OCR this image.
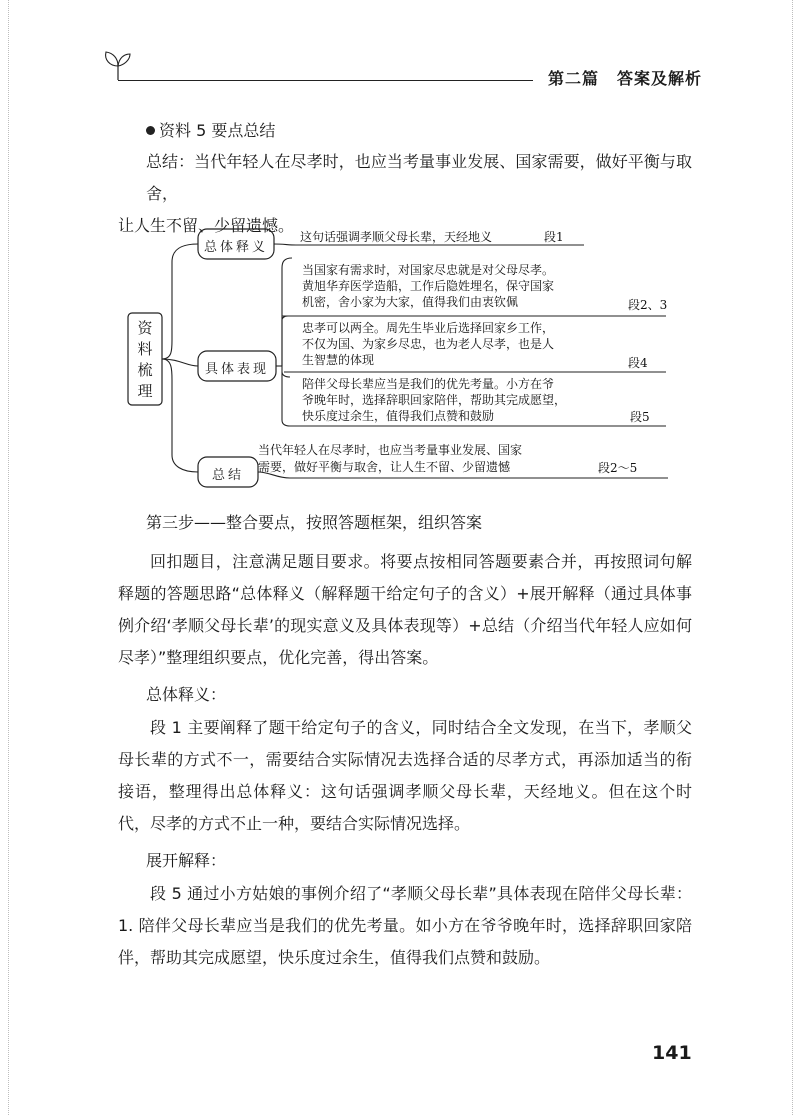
第二篇 答案及解析
资料 5 要点总结
总结：当代年轻人在尽孝时，也应当考量事业发展、国家需要，做好平衡与取舍，
让人生不留、少留遗憾。
资
料
梳
理
总体释义
具体表现
总结
这句话强调孝顺父母长辈，天经地义	段1
当国家有需求时，对国家尽忠就是对父母尽孝。
黄旭华弃医学造船，工作后隐姓埋名，保守国家
机密，舍小家为大家，值得我们由衷钦佩	段2、3
忠孝可以两全。周先生毕业后选择回家乡工作，
不仅为国、为家乡尽忠，也为老人尽孝，也是人
生智慧的体现	段4
陪伴父母长辈应当是我们的优先考量。小方在爷
爷晚年时，选择辞职回家陪伴，帮助其完成愿望，
快乐度过余生，值得我们点赞和鼓励	段5
当代年轻人在尽孝时，也应当考量事业发展、国家
需要，做好平衡与取舍，让人生不留、少留遗憾	段2～5
第三步——整合要点，按照答题框架，组织答案
回扣题目，注意满足题目要求。将要点按相同答题要素合并，再按照词句解释题的答题思路“总体释义（解释题干给定句子的含义）+展开解释（通过具体事例介绍‘孝顺父母长辈’的现实意义及具体表现等）+总结（介绍当代年轻人应如何尽孝）”整理组织要点，优化完善，得出答案。
总体释义：
段 1 主要阐释了题干给定句子的含义，同时结合全文发现，在当下，孝顺父母长辈的方式不一，需要结合实际情况去选择合适的尽孝方式，再添加适当的衔接语，整理得出总体释义：这句话强调孝顺父母长辈，天经地义。但在这个时代，尽孝的方式不止一种，要结合实际情况选择。
展开解释：
段 5 通过小方姑娘的事例介绍了“孝顺父母长辈”具体表现在陪伴父母长辈：1. 陪伴父母长辈应当是我们的优先考量。如小方在爷爷晚年时，选择辞职回家陪伴，帮助其完成愿望，快乐度过余生，值得我们点赞和鼓励。
141
